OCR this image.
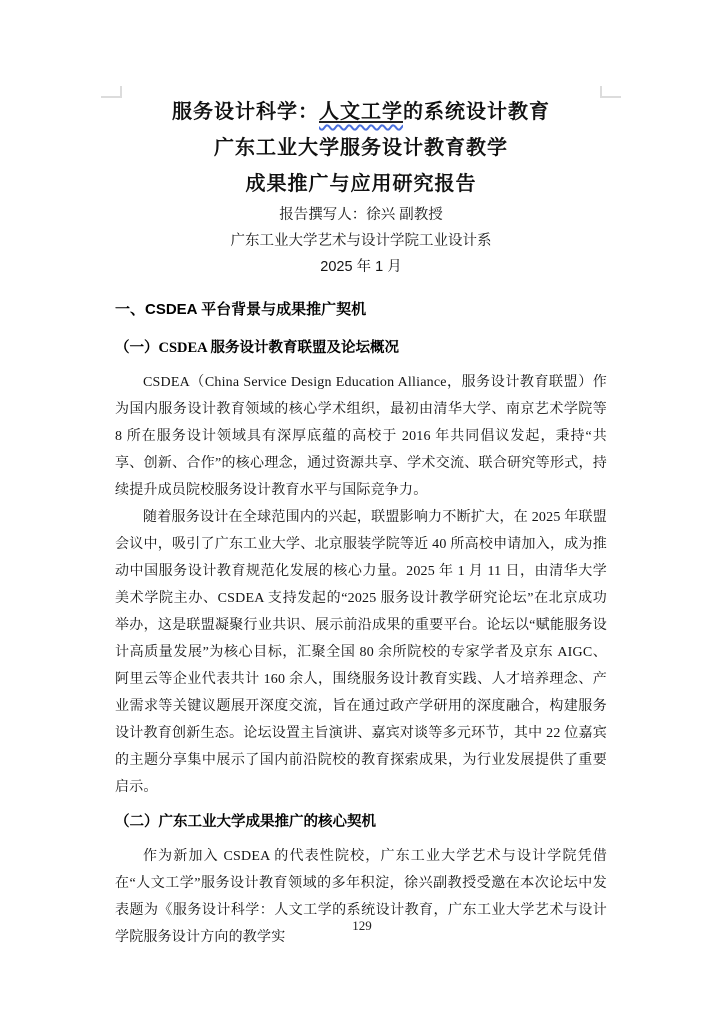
服务设计科学：人文工学的系统设计教育
广东工业大学服务设计教育教学
成果推广与应用研究报告
报告撰写人：徐兴 副教授
广东工业大学艺术与设计学院工业设计系
2025 年 1 月
一、CSDEA 平台背景与成果推广契机
（一）CSDEA 服务设计教育联盟及论坛概况

CSDEA（China Service Design Education Alliance，服务设计教育联盟）作为国内服务设计教育领域的核心学术组织，最初由清华大学、南京艺术学院等 8 所在服务设计领域具有深厚底蕴的高校于 2016 年共同倡议发起，秉持“共享、创新、合作”的核心理念，通过资源共享、学术交流、联合研究等形式，持续提升成员院校服务设计教育水平与国际竞争力。

随着服务设计在全球范围内的兴起，联盟影响力不断扩大，在 2025 年联盟会议中，吸引了广东工业大学、北京服装学院等近 40 所高校申请加入，成为推动中国服务设计教育规范化发展的核心力量。2025 年 1 月 11 日，由清华大学美术学院主办、CSDEA 支持发起的“2025 服务设计教学研究论坛”在北京成功举办，这是联盟凝聚行业共识、展示前沿成果的重要平台。论坛以“赋能服务设计高质量发展”为核心目标，汇聚全国 80 余所院校的专家学者及京东 AIGC、阿里云等企业代表共计 160 余人，围绕服务设计教育实践、人才培养理念、产业需求等关键议题展开深度交流，旨在通过政产学研用的深度融合，构建服务设计教育创新生态。论坛设置主旨演讲、嘉宾对谈等多元环节，其中 22 位嘉宾的主题分享集中展示了国内前沿院校的教育探索成果，为行业发展提供了重要启示。

（二）广东工业大学成果推广的核心契机

作为新加入 CSDEA 的代表性院校，广东工业大学艺术与设计学院凭借在“人文工学”服务设计教育领域的多年积淀，徐兴副教授受邀在本次论坛中发表题为《服务设计科学：人文工学的系统设计教育，广东工业大学艺术与设计学院服务设计方向的教学实

129
